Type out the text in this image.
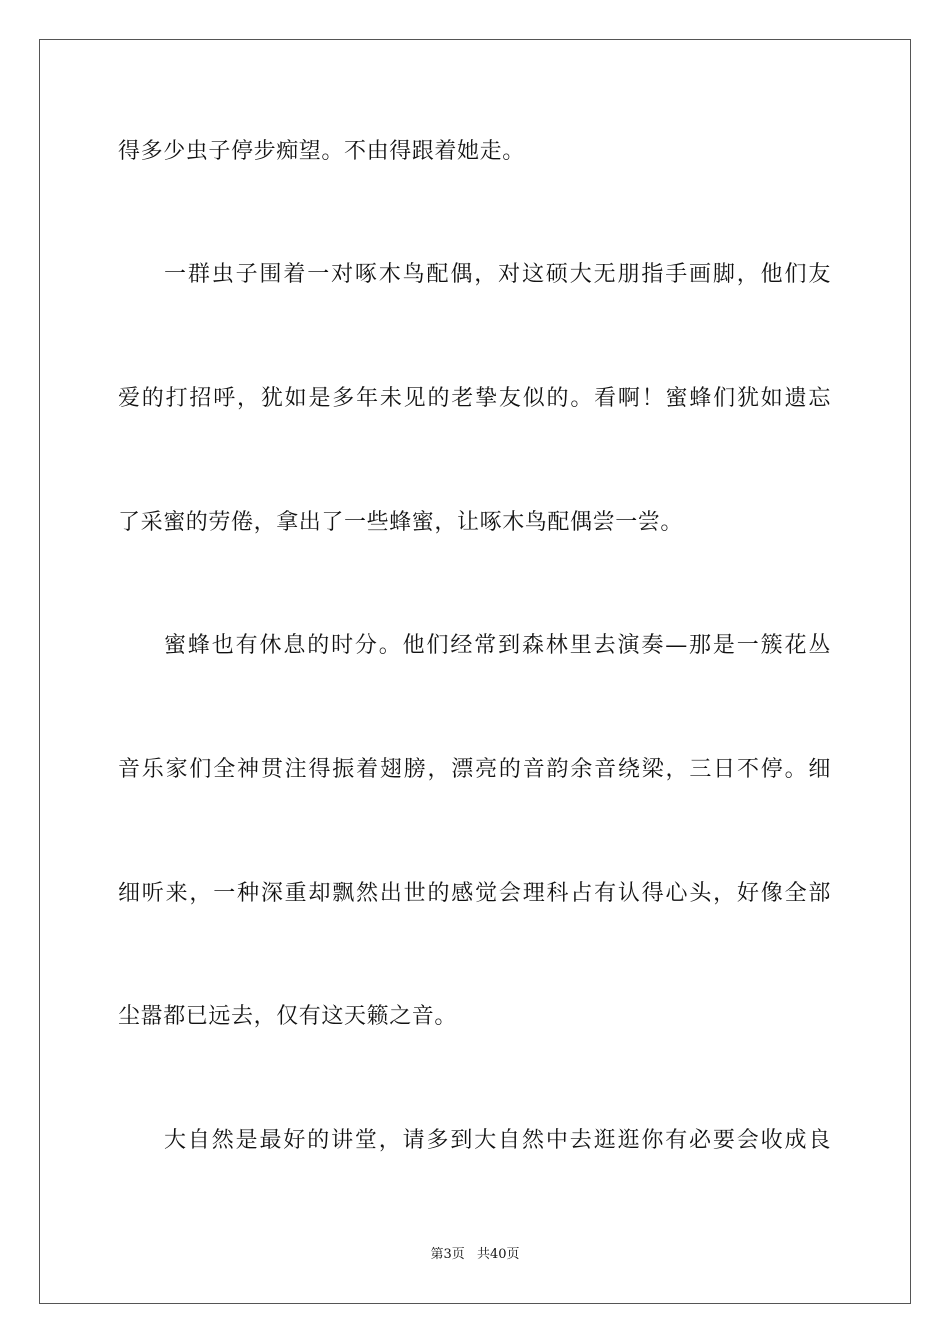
得多少虫子停步痴望。不由得跟着她走。
一群虫子围着一对啄木鸟配偶，对这硕大无朋指手画脚，他们友
爱的打招呼，犹如是多年未见的老挚友似的。看啊！蜜蜂们犹如遗忘
了采蜜的劳倦，拿出了一些蜂蜜，让啄木鸟配偶尝一尝。
蜜蜂也有休息的时分。他们经常到森林里去演奏—那是一簇花丛
音乐家们全神贯注得振着翅膀，漂亮的音韵余音绕梁，三日不停。细
细听来，一种深重却飘然出世的感觉会理科占有认得心头，好像全部
尘嚣都已远去，仅有这天籁之音。
大自然是最好的讲堂，请多到大自然中去逛逛你有必要会收成良
第3页 共40页
